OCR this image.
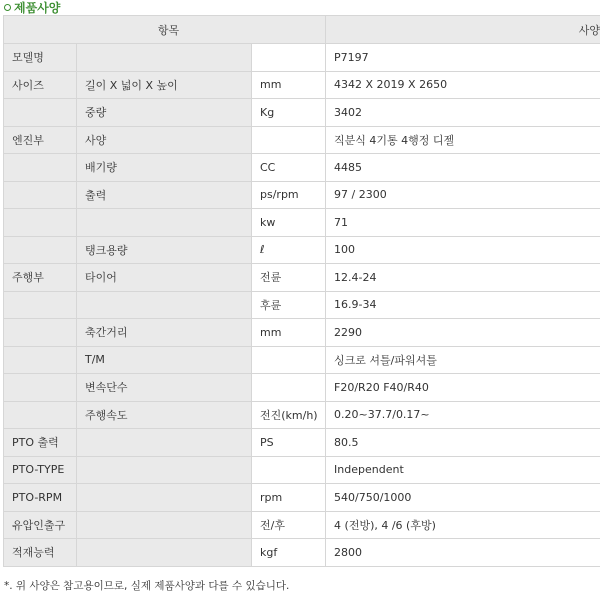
제품사양
항목			사양
모델명			P7197
사이즈	길이 X 넓이 X 높이	mm	4342 X 2019 X 2650
	중량	Kg	3402
엔진부	사양		직분식 4기통 4행정 디젤
	배기량	CC	4485
	출력	ps/rpm	97 / 2300
		kw	71
	탱크용량	ℓ	100
주행부	타이어	전륜	12.4-24
		후륜	16.9-34
	축간거리	mm	2290
	T/M		싱크로 셔틀/파워셔틀
	변속단수		F20/R20 F40/R40
	주행속도	전진(km/h)	0.20~37.7/0.17~
PTO 출력		PS	80.5
PTO-TYPE			Independent
PTO-RPM		rpm	540/750/1000
유압인출구		전/후	4 (전방), 4 /6 (후방)
적재능력		kgf	2800
*. 위 사양은 참고용이므로, 실제 제품사양과 다를 수 있습니다.
